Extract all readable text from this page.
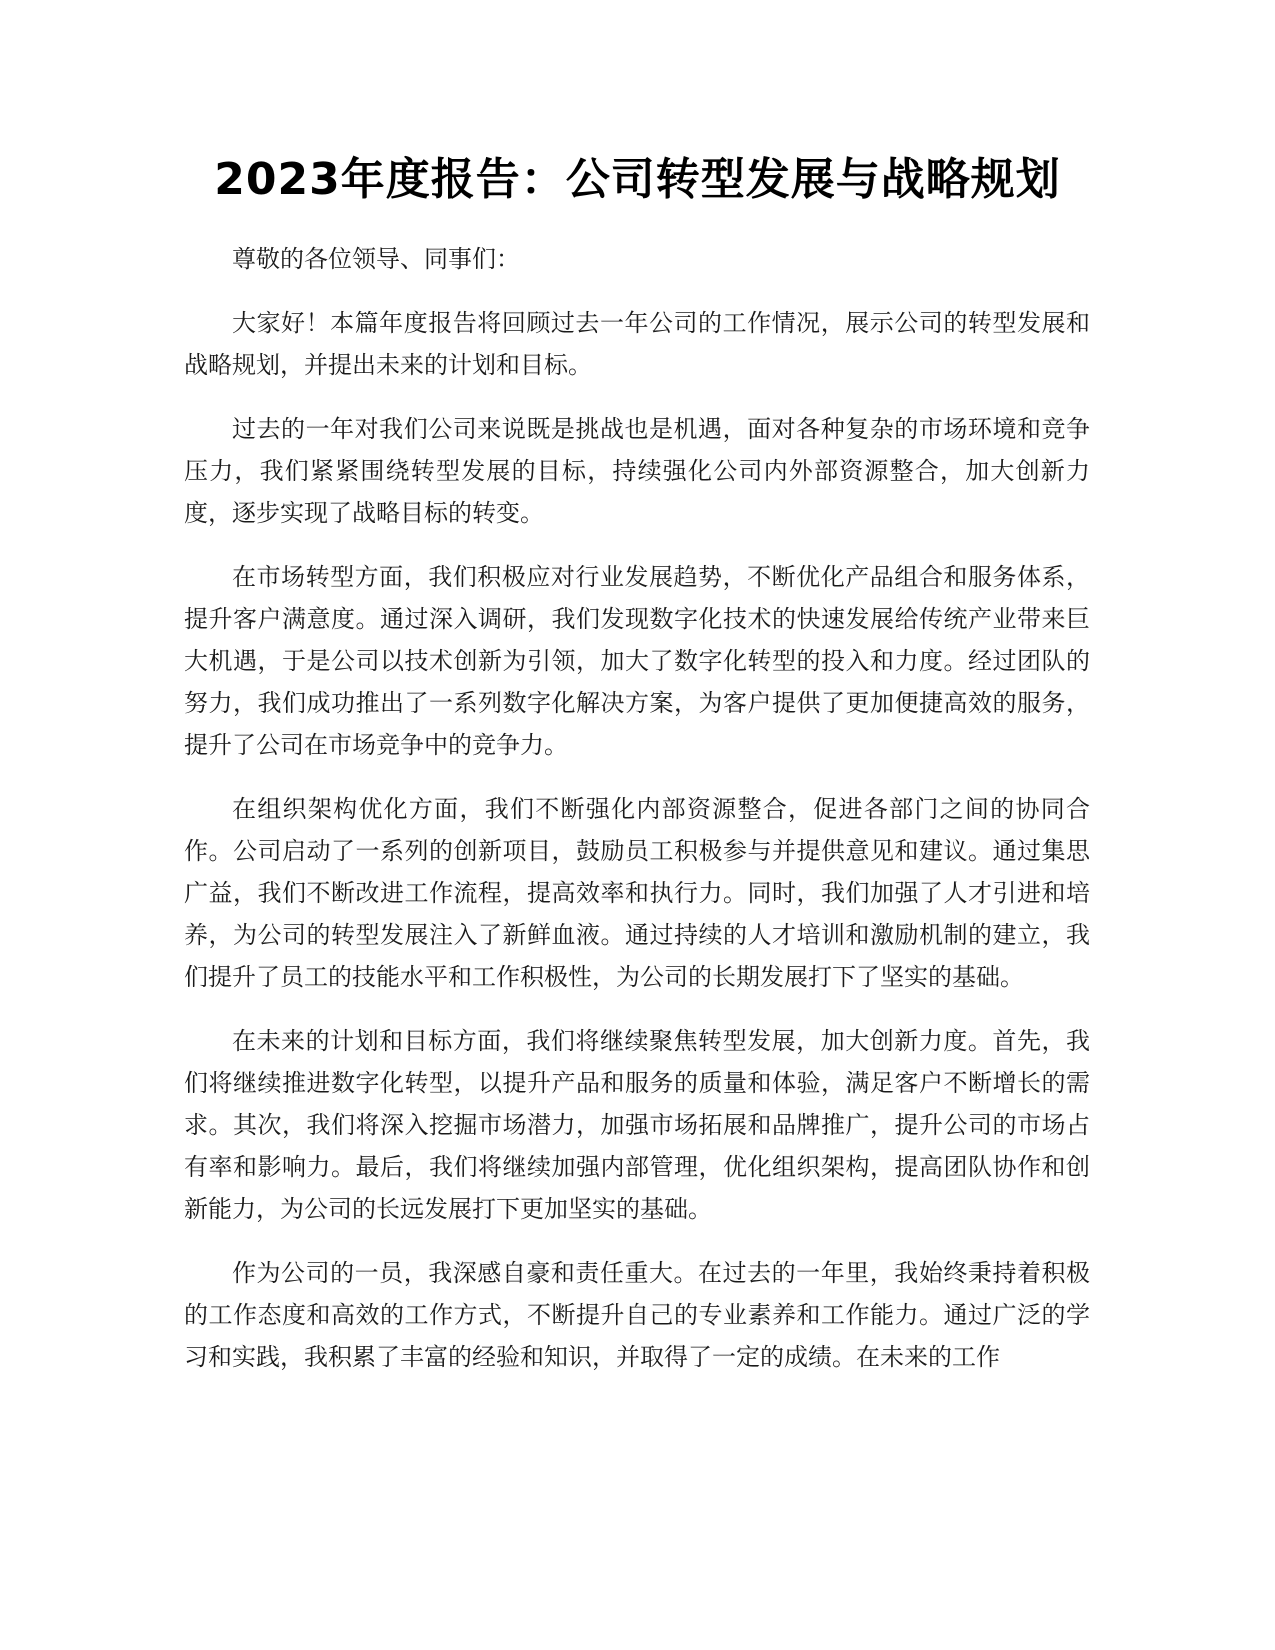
2023年度报告：公司转型发展与战略规划

尊敬的各位领导、同事们：

大家好！本篇年度报告将回顾过去一年公司的工作情况，展示公司的转型发展和战略规划，并提出未来的计划和目标。

过去的一年对我们公司来说既是挑战也是机遇，面对各种复杂的市场环境和竞争压力，我们紧紧围绕转型发展的目标，持续强化公司内外部资源整合，加大创新力度，逐步实现了战略目标的转变。

在市场转型方面，我们积极应对行业发展趋势，不断优化产品组合和服务体系，提升客户满意度。通过深入调研，我们发现数字化技术的快速发展给传统产业带来巨大机遇，于是公司以技术创新为引领，加大了数字化转型的投入和力度。经过团队的努力，我们成功推出了一系列数字化解决方案，为客户提供了更加便捷高效的服务，提升了公司在市场竞争中的竞争力。

在组织架构优化方面，我们不断强化内部资源整合，促进各部门之间的协同合作。公司启动了一系列的创新项目，鼓励员工积极参与并提供意见和建议。通过集思广益，我们不断改进工作流程，提高效率和执行力。同时，我们加强了人才引进和培养，为公司的转型发展注入了新鲜血液。通过持续的人才培训和激励机制的建立，我们提升了员工的技能水平和工作积极性，为公司的长期发展打下了坚实的基础。

在未来的计划和目标方面，我们将继续聚焦转型发展，加大创新力度。首先，我们将继续推进数字化转型，以提升产品和服务的质量和体验，满足客户不断增长的需求。其次，我们将深入挖掘市场潜力，加强市场拓展和品牌推广，提升公司的市场占有率和影响力。最后，我们将继续加强内部管理，优化组织架构，提高团队协作和创新能力，为公司的长远发展打下更加坚实的基础。

作为公司的一员，我深感自豪和责任重大。在过去的一年里，我始终秉持着积极的工作态度和高效的工作方式，不断提升自己的专业素养和工作能力。通过广泛的学习和实践，我积累了丰富的经验和知识，并取得了一定的成绩。在未来的工作
